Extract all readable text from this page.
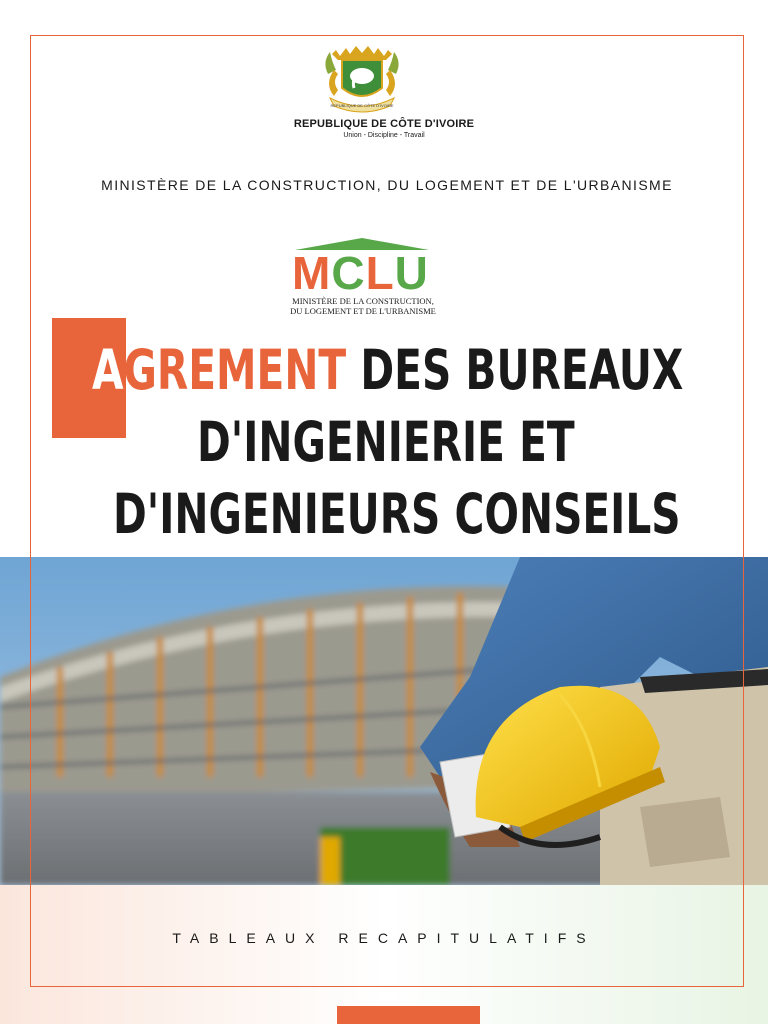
REPUBLIQUE DE CÔTE D'IVOIRE
REPUBLIQUE DE CÔTE D'IVOIRE
Union - Discipline - Travail
MINISTÈRE DE LA CONSTRUCTION, DU LOGEMENT ET DE L'URBANISME
MCLU
MINISTÈRE DE LA CONSTRUCTION,
DU LOGEMENT ET DE L'URBANISME
AGREMENT DES BUREAUX
D'INGENIERIE ET
D'INGENIEURS CONSEILS
TABLEAUX RECAPITULATIFS
